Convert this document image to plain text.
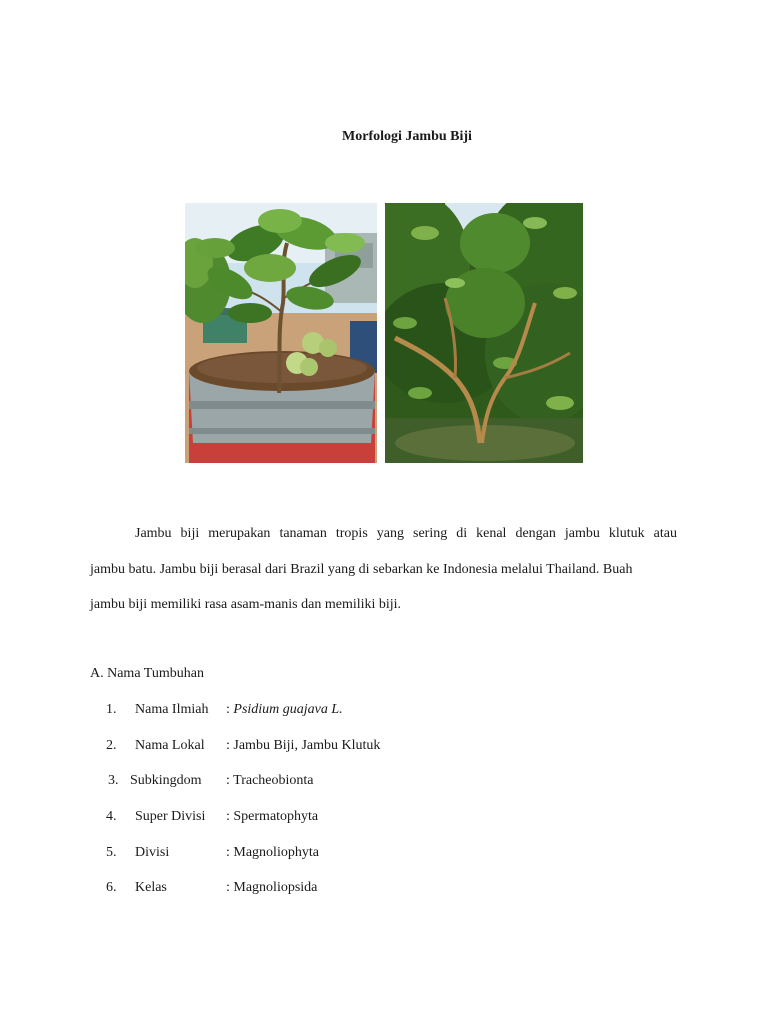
Morfologi Jambu Biji

Jambu biji merupakan tanaman tropis yang sering di kenal dengan jambu klutuk atau

jambu batu. Jambu biji berasal dari Brazil yang di sebarkan ke Indonesia melalui Thailand. Buah

jambu biji memiliki rasa asam-manis dan memiliki biji.

A. Nama Tumbuhan
1. Nama Ilmiah : Psidium guajava L.
2. Nama Lokal : Jambu Biji, Jambu Klutuk
3. Subkingdom : Tracheobionta
4. Super Divisi : Spermatophyta
5. Divisi	: Magnoliophyta
6. Kelas	: Magnoliopsida
